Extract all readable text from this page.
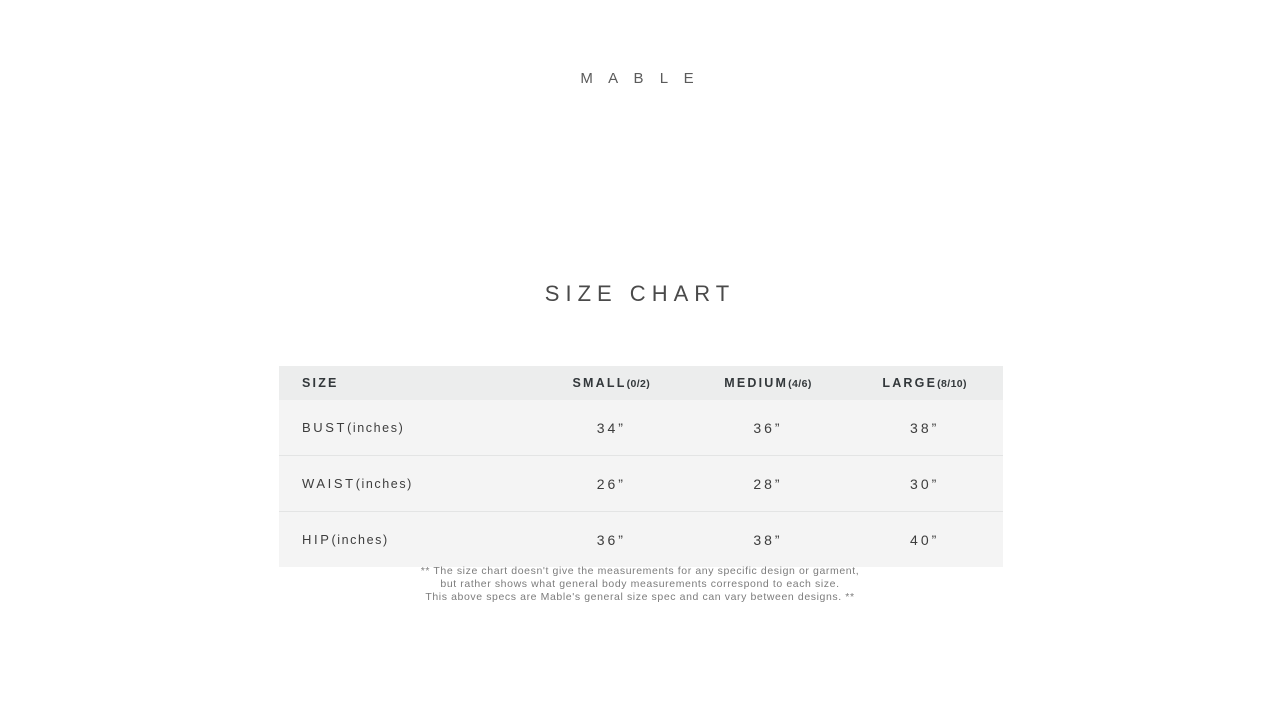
M A B L E
SIZE CHART
SIZE	SMALL(0/2)	MEDIUM(4/6)	LARGE(8/10)
BUST(inches)	34”	36”	38”
WAIST(inches)	26”	28”	30”
HIP(inches)	36”	38”	40”
** The size chart doesn't give the measurements for any specific design or garment,
but rather shows what general body measurements correspond to each size.
This above specs are Mable's general size spec and can vary between designs. **
